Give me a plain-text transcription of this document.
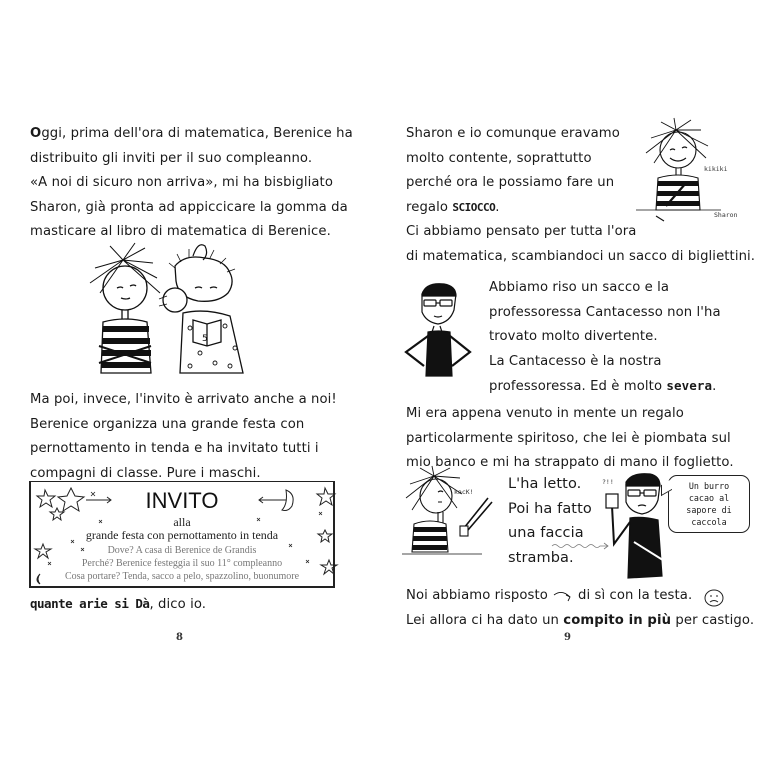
Oggi, prima dell'ora di matematica, Berenice ha
distribuito gli inviti per il suo compleanno.
«A noi di sicuro non arriva», mi ha bisbigliato
Sharon, già pronta ad appiccicare la gomma da
masticare al libro di matematica di Berenice.
5
Ma poi, invece, l'invito è arrivato anche a noi!
Berenice organizza una grande festa con
pernottamento in tenda e ha invitato tutti i
compagni di classe. Pure i maschi.
INVITO
alla
grande festa con pernottamento in tenda
Dove? A casa di Berenice de Grandis
Perché? Berenice festeggia il suo 11° compleanno
Cosa portare? Tenda, sacco a pelo, spazzolino, buonumore
quante arie si Dà, dico io.
8
Sharon e io comunque eravamo
molto contente, soprattutto
perché ora le possiamo fare un
regalo SCIOCCO.
Ci abbiamo pensato per tutta l'ora
di matematica, scambiandoci un sacco di bigliettini.
kikiki
Sharon
Abbiamo riso un sacco e la
professoressa Cantacesso non l'ha
trovato molto divertente.
La Cantacesso è la nostra
professoressa. Ed è molto severa.
Mi era appena venuto in mente un regalo
particolarmente spiritoso, che lei è piombata sul
mio banco e mi ha strappato di mano il foglietto.
kacK! L'ha letto.
Poi ha fatto
una faccia
stramba.
?!!	Un burro
cacao al
sapore di
caccola
Noi abbiamo risposto di sì con la testa.
Lei allora ci ha dato un compito in più per castigo.
9
